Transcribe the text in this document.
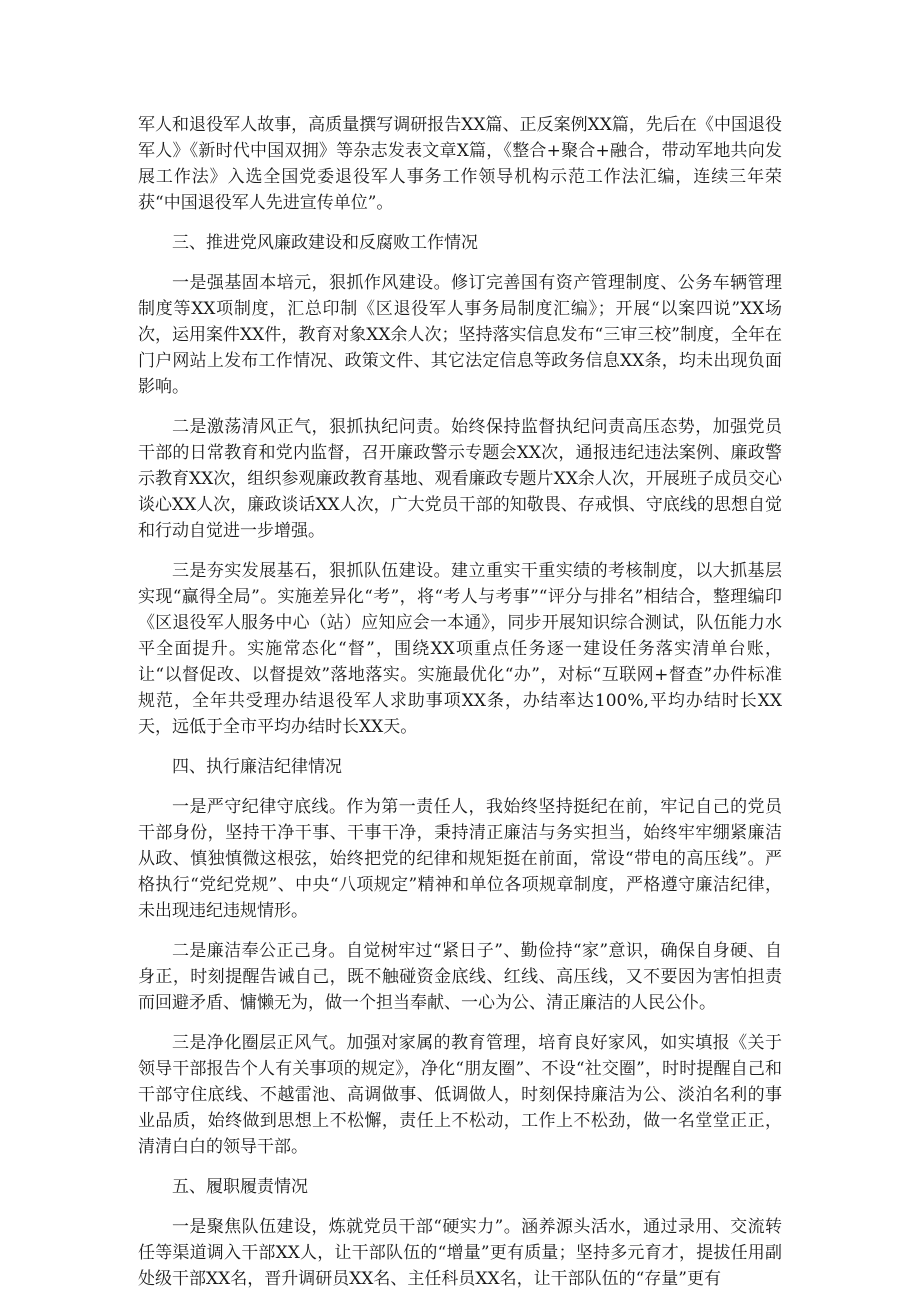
军人和退役军人故事，高质量撰写调研报告XX篇、正反案例XX篇，先后在《中国退役军人》《新时代中国双拥》等杂志发表文章X篇，《整合+聚合+融合，带动军地共向发展工作法》入选全国党委退役军人事务工作领导机构示范工作法汇编，连续三年荣获“中国退役军人先进宣传单位”。

三、推进党风廉政建设和反腐败工作情况

一是强基固本培元，狠抓作风建设。修订完善国有资产管理制度、公务车辆管理制度等XX项制度，汇总印制《区退役军人事务局制度汇编》；开展“以案四说”XX场次，运用案件XX件，教育对象XX余人次；坚持落实信息发布“三审三校”制度，全年在门户网站上发布工作情况、政策文件、其它法定信息等政务信息XX条，均未出现负面影响。

二是激荡清风正气，狠抓执纪问责。始终保持监督执纪问责高压态势，加强党员干部的日常教育和党内监督，召开廉政警示专题会XX次，通报违纪违法案例、廉政警示教育XX次，组织参观廉政教育基地、观看廉政专题片XX余人次，开展班子成员交心谈心XX人次，廉政谈话XX人次，广大党员干部的知敬畏、存戒惧、守底线的思想自觉和行动自觉进一步增强。

三是夯实发展基石，狠抓队伍建设。建立重实干重实绩的考核制度，以大抓基层实现“赢得全局”。实施差异化“考”，将“考人与考事”“评分与排名”相结合，整理编印《区退役军人服务中心（站）应知应会一本通》，同步开展知识综合测试，队伍能力水平全面提升。实施常态化“督”，围绕XX项重点任务逐一建设任务落实清单台账，让“以督促改、以督提效”落地落实。实施最优化“办”，对标“互联网+督查”办件标准规范，全年共受理办结退役军人求助事项XX条，办结率达100%,平均办结时长XX天，远低于全市平均办结时长XX天。

四、执行廉洁纪律情况

一是严守纪律守底线。作为第一责任人，我始终坚持挺纪在前，牢记自己的党员干部身份，坚持干净干事、干事干净，秉持清正廉洁与务实担当，始终牢牢绷紧廉洁从政、慎独慎微这根弦，始终把党的纪律和规矩挺在前面，常设“带电的高压线”。严格执行“党纪党规”、中央“八项规定”精神和单位各项规章制度，严格遵守廉洁纪律，未出现违纪违规情形。

二是廉洁奉公正己身。自觉树牢过“紧日子”、勤俭持“家”意识，确保自身硬、自身正，时刻提醒告诫自己，既不触碰资金底线、红线、高压线，又不要因为害怕担责而回避矛盾、慵懒无为，做一个担当奉献、一心为公、清正廉洁的人民公仆。

三是净化圈层正风气。加强对家属的教育管理，培育良好家风，如实填报《关于领导干部报告个人有关事项的规定》，净化“朋友圈”、不设“社交圈”，时时提醒自己和干部守住底线、不越雷池、高调做事、低调做人，时刻保持廉洁为公、淡泊名利的事业品质，始终做到思想上不松懈，责任上不松动，工作上不松劲，做一名堂堂正正，清清白白的领导干部。

五、履职履责情况

一是聚焦队伍建设，炼就党员干部“硬实力”。涵养源头活水，通过录用、交流转任等渠道调入干部XX人，让干部队伍的“增量”更有质量；坚持多元育才，提拔任用副处级干部XX名，晋升调研员XX名、主任科员XX名，让干部队伍的“存量”更有
